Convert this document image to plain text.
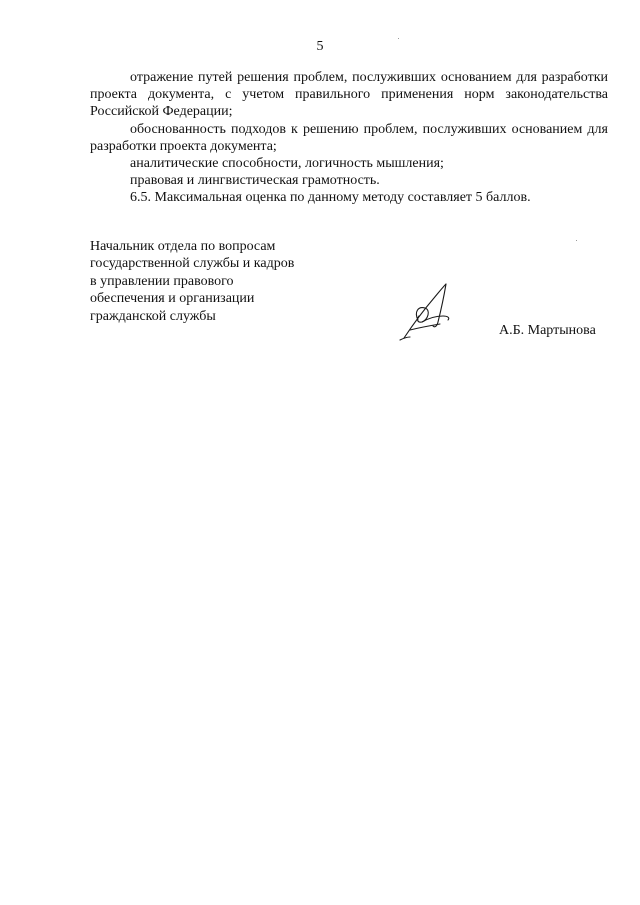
5

отражение путей решения проблем, послуживших основанием для разработки проекта документа, с учетом правильного применения норм законодательства Российской Федерации;

обоснованность подходов к решению проблем, послуживших основанием для разработки проекта документа;

аналитические способности, логичность мышления;

правовая и лингвистическая грамотность.

6.5. Максимальная оценка по данному методу составляет 5 баллов.

Начальник отдела по вопросам
государственной службы и кадров
в управлении правового
обеспечения и организации
гражданской службы
А.Б. Мартынова
